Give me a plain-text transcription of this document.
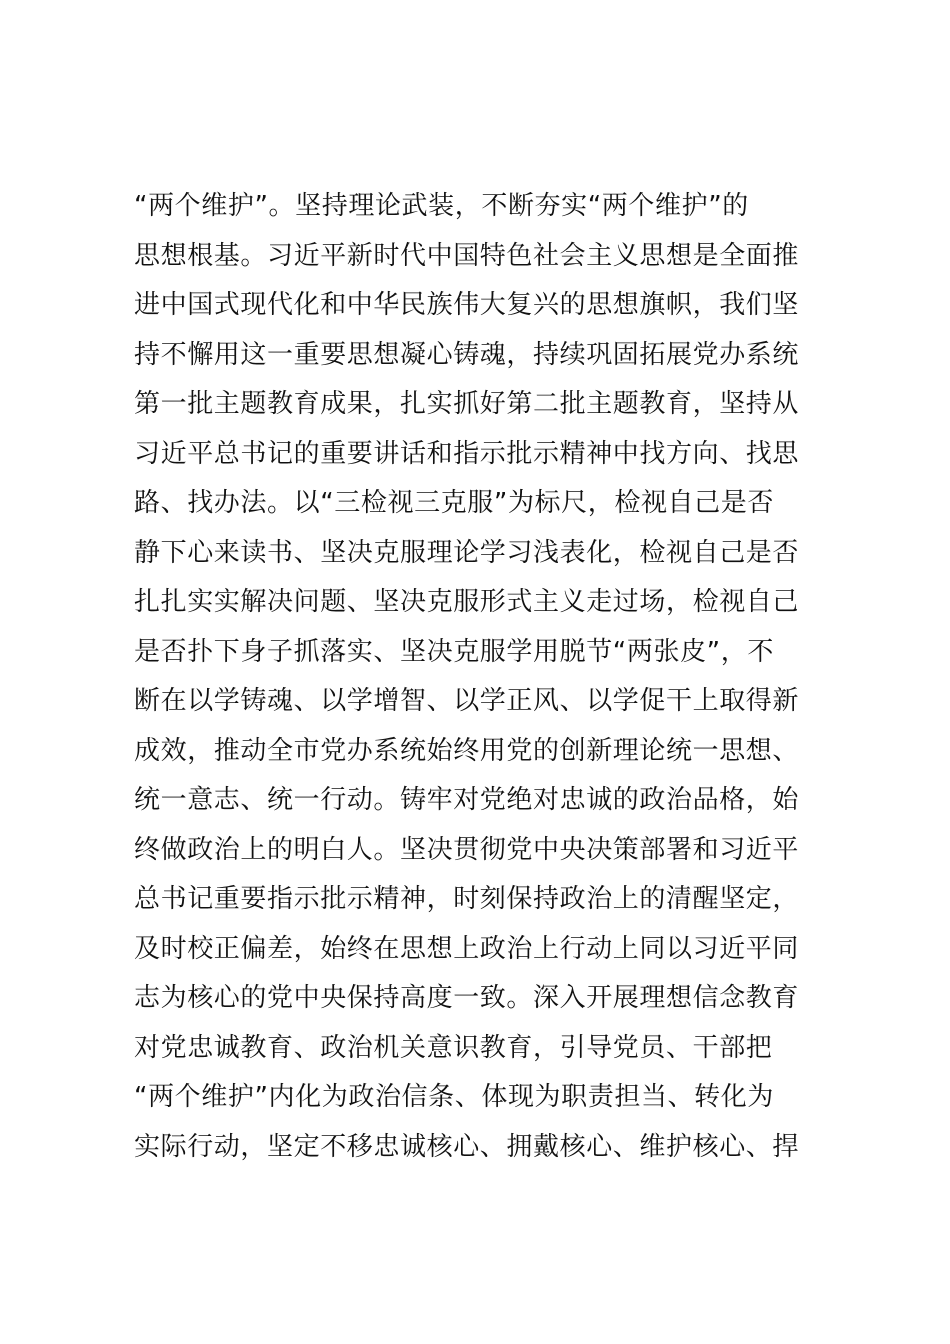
“两个维护”。坚持理论武装，不断夯实“两个维护”的
思想根基。习近平新时代中国特色社会主义思想是全面推
进中国式现代化和中华民族伟大复兴的思想旗帜，我们坚
持不懈用这一重要思想凝心铸魂，持续巩固拓展党办系统
第一批主题教育成果，扎实抓好第二批主题教育，坚持从
习近平总书记的重要讲话和指示批示精神中找方向、找思
路、找办法。以“三检视三克服”为标尺，检视自己是否
静下心来读书、坚决克服理论学习浅表化，检视自己是否
扎扎实实解决问题、坚决克服形式主义走过场，检视自己
是否扑下身子抓落实、坚决克服学用脱节“两张皮”，不
断在以学铸魂、以学增智、以学正风、以学促干上取得新
成效，推动全市党办系统始终用党的创新理论统一思想、
统一意志、统一行动。铸牢对党绝对忠诚的政治品格，始
终做政治上的明白人。坚决贯彻党中央决策部署和习近平
总书记重要指示批示精神，时刻保持政治上的清醒坚定，
及时校正偏差，始终在思想上政治上行动上同以习近平同
志为核心的党中央保持高度一致。深入开展理想信念教育
对党忠诚教育、政治机关意识教育，引导党员、干部把
“两个维护”内化为政治信条、体现为职责担当、转化为
实际行动，坚定不移忠诚核心、拥戴核心、维护核心、捍
